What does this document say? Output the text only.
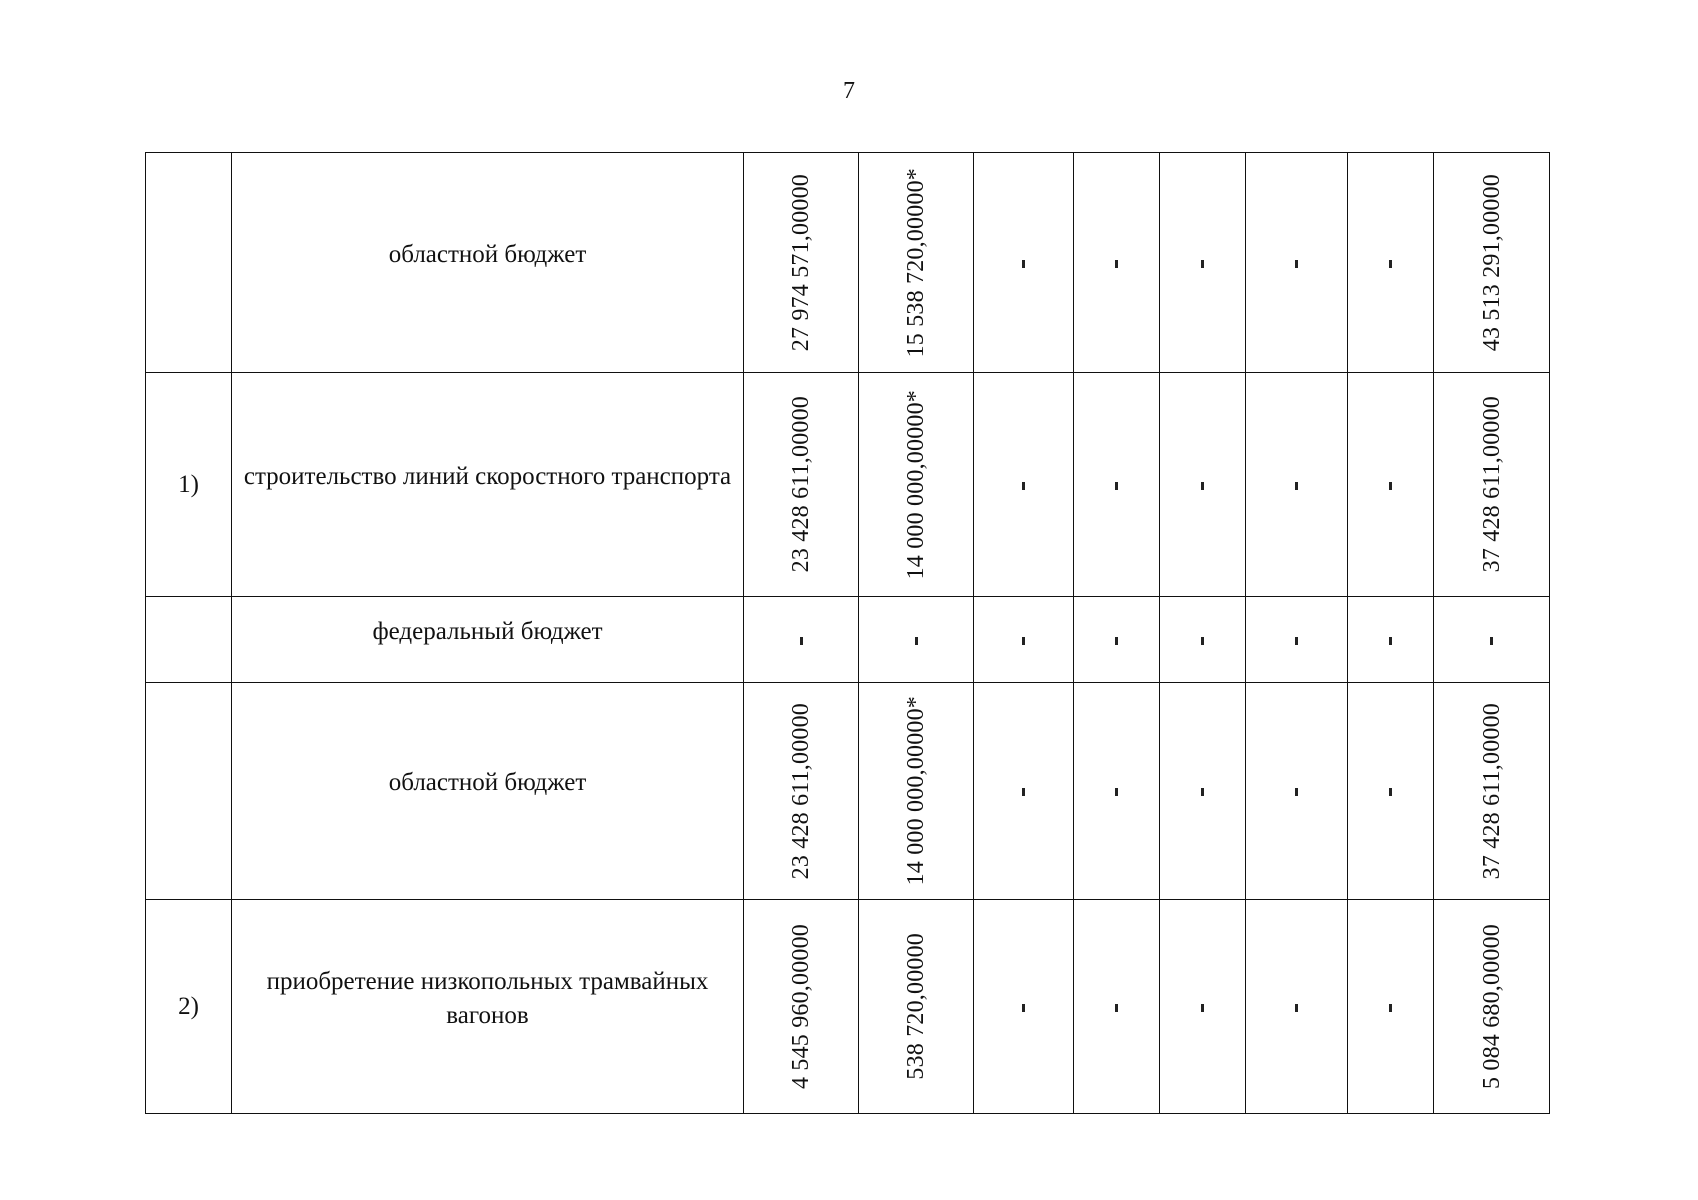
7
	областной бюджет	27 974 571,00000	15 538 720,00000*						43 513 291,00000

1)	строительство линий скоростного транспорта	23 428 611,00000	14 000 000,00000*						37 428 611,00000

	федеральный бюджет								
	областной бюджет	23 428 611,00000	14 000 000,00000*						37 428 611,00000

2)	приобретение низкопольных трамвайных вагонов	4 545 960,00000	538 720,00000						5 084 680,00000
